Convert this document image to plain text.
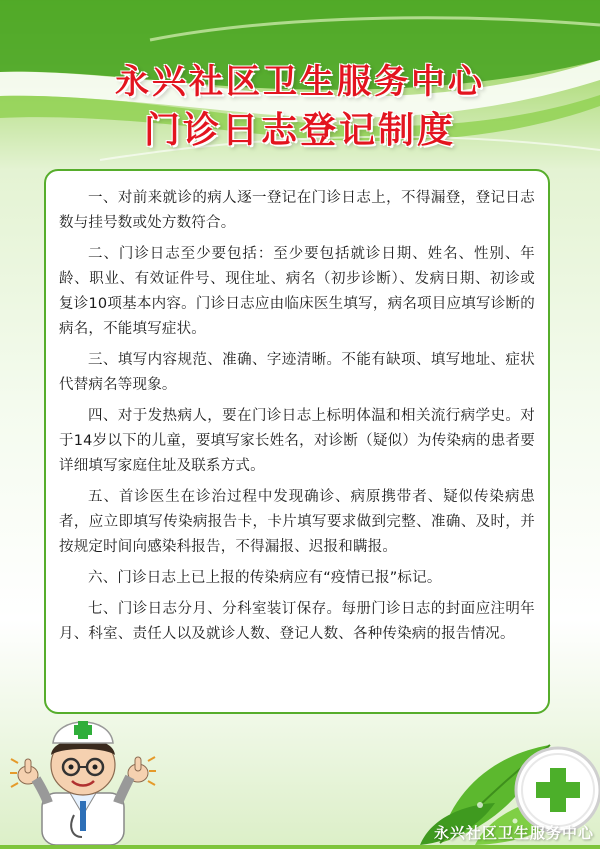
永兴社区卫生服务中心
门诊日志登记制度

一、对前来就诊的病人逐一登记在门诊日志上，不得漏登，登记日志数与挂号数或处方数符合。

二、门诊日志至少要包括：至少要包括就诊日期、姓名、性别、年龄、职业、有效证件号、现住址、病名（初步诊断）、发病日期、初诊或复诊10项基本内容。门诊日志应由临床医生填写，病名项目应填写诊断的病名，不能填写症状。

三、填写内容规范、准确、字迹清晰。不能有缺项、填写地址、症状代替病名等现象。

四、对于发热病人，要在门诊日志上标明体温和相关流行病学史。对于14岁以下的儿童，要填写家长姓名，对诊断（疑似）为传染病的患者要详细填写家庭住址及联系方式。

五、首诊医生在诊治过程中发现确诊、病原携带者、疑似传染病患者，应立即填写传染病报告卡，卡片填写要求做到完整、准确、及时，并按规定时间向感染科报告，不得漏报、迟报和瞒报。

六、门诊日志上已上报的传染病应有“疫情已报”标记。

七、门诊日志分月、分科室装订保存。每册门诊日志的封面应注明年月、科室、责任人以及就诊人数、登记人数、各种传染病的报告情况。

永兴社区卫生服务中心
